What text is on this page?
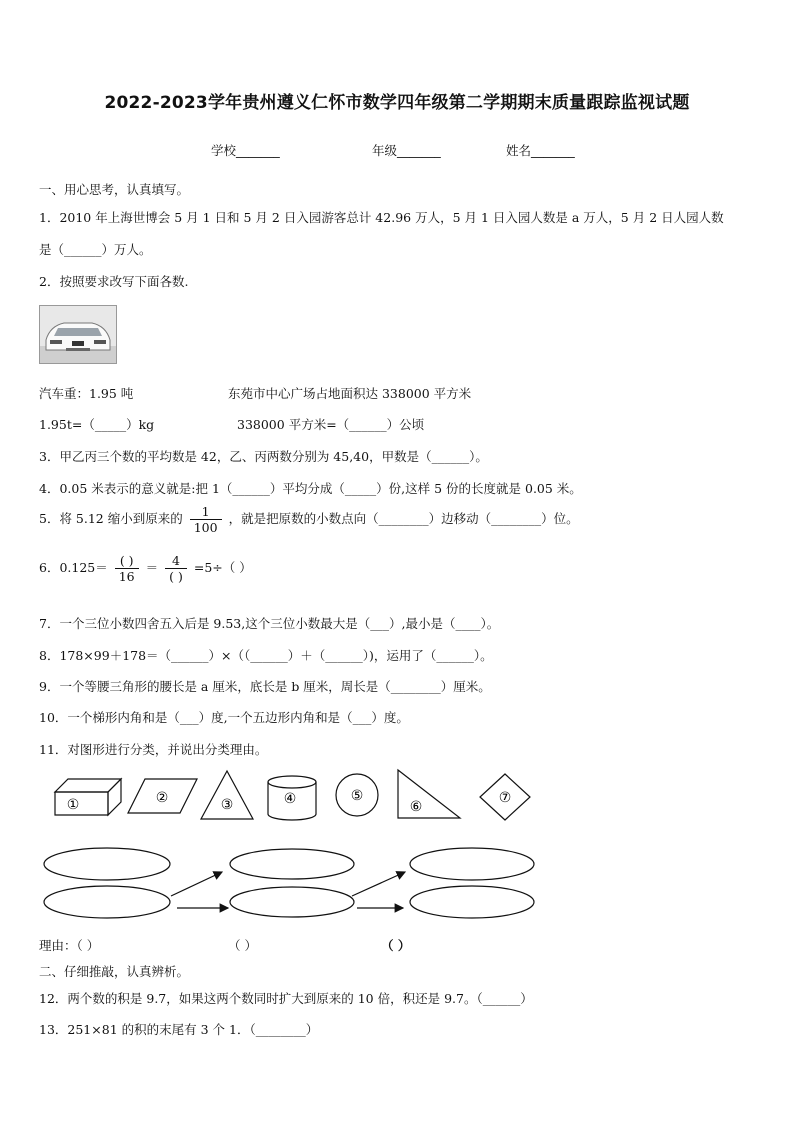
2022-2023学年贵州遵义仁怀市数学四年级第二学期期末质量跟踪监视试题
学校_______	年级_______	姓名_______
一、用心思考，认真填写。
1．2010 年上海世博会 5 月 1 日和 5 月 2 日入园游客总计 42.96 万人，5 月 1 日入园人数是 a 万人，5 月 2 日人园人数
是（______）万人。
2．按照要求改写下面各数.
汽车重：1.95 吨	东苑市中心广场占地面积达 338000 平方米
1.95t=（_____）kg	338000 平方米=（______）公顷
3．甲乙丙三个数的平均数是 42，乙、丙两数分别为 45,40，甲数是（______）。
4．0.05 米表示的意义就是:把 1（______）平均分成（_____）份,这样 5 份的长度就是 0.05 米。
5．将 5.12 缩小到原来的 $\frac{1}{100}$ ，就是把原数的小数点向（________）边移动（________）位。
6．$0.125= \frac{( )}{16} = \frac{4}{( )} =5\div$（ ）
7．一个三位小数四舍五入后是 9.53,这个三位小数最大是（___）,最小是（____）。
8．178×99＋178＝（______）×（（______）＋（______）)，运用了（______）。
9．一个等腰三角形的腰长是 a 厘米，底长是 b 厘米，周长是（________）厘米。
10．一个梯形内角和是（___）度,一个五边形内角和是（___）度。
11．对图形进行分类，并说出分类理由。
①	②	③	④	⑤
⑥
⑦
理由：（ ）	（ ）	（ ）
二、仔细推敲，认真辨析。
12．两个数的积是 9.7，如果这两个数同时扩大到原来的 10 倍，积还是 9.7。（______）
13．251×81 的积的末尾有 3 个 1．（________）
